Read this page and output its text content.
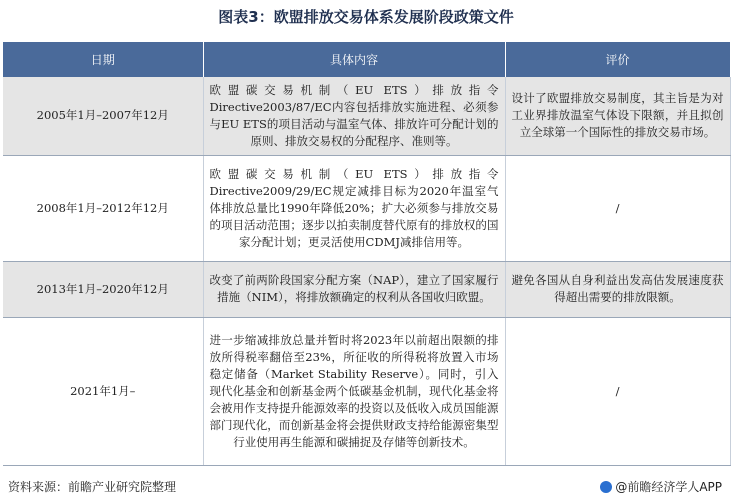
图表3：欧盟排放交易体系发展阶段政策文件
日期	具体内容	评价
2005年1月–2007年12月	欧盟碳交易机制（EU ETS）排放指令Directive2003/87/EC内容包括排放实施进程、必须参与EU ETS的项目活动与温室气体、排放许可分配计划的原则、排放交易权的分配程序、准则等。	设计了欧盟排放交易制度，其主旨是为对工业界排放温室气体设下限额，并且拟创立全球第一个国际性的排放交易市场。
2008年1月–2012年12月	欧盟碳交易机制（EU ETS）排放指令Directive2009/29/EC规定减排目标为2020年温室气体排放总量比1990年降低20%；扩大必须参与排放交易的项目活动范围；逐步以拍卖制度替代原有的排放权的国家分配计划；更灵活使用CDMJ减排信用等。	/
2013年1月–2020年12月	改变了前两阶段国家分配方案（NAP），建立了国家履行措施（NIM），将排放额确定的权利从各国收归欧盟。	避免各国从自身利益出发高估发展速度获得超出需要的排放限额。
2021年1月–	进一步缩减排放总量并暂时将2023年以前超出限额的排放所得税率翻倍至23%，所征收的所得税将放置入市场稳定储备（Market Stability Reserve）。同时，引入现代化基金和创新基金两个低碳基金机制，现代化基金将会被用作支持提升能源效率的投资以及低收入成员国能源部门现代化，而创新基金将会提供财政支持给能源密集型行业使用再生能源和碳捕捉及存储等创新技术。	/
资料来源：前瞻产业研究院整理	@前瞻经济学人APP
